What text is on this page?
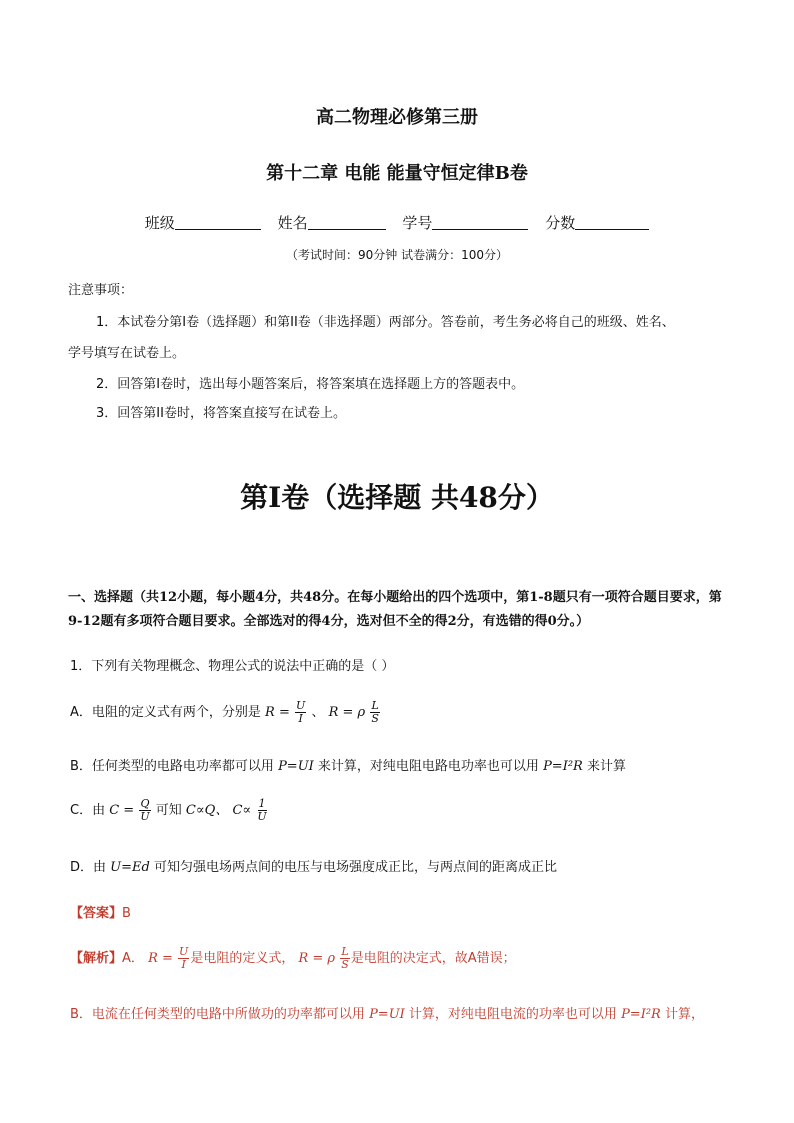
高二物理必修第三册
第十二章 电能 能量守恒定律B卷
班级	姓名	学号	分数
（考试时间：90分钟 试卷满分：100分）
注意事项：
1．本试卷分第I卷（选择题）和第II卷（非选择题）两部分。答卷前，考生务必将自己的班级、姓名、
学号填写在试卷上。
2．回答第I卷时，选出每小题答案后，将答案填在选择题上方的答题表中。
3．回答第II卷时，将答案直接写在试卷上。
第I卷（选择题 共48分）
一、选择题（共12小题，每小题4分，共48分。在每小题给出的四个选项中，第1-8题只有一项符合题目要求，第9-12题有多项符合题目要求。全部选对的得4分，选对但不全的得2分，有选错的得0分。）
1．下列有关物理概念、物理公式的说法中正确的是（ ）
A．电阻的定义式有两个，分别是 $R = \frac{U}{I}$ 、 R = ρ $\frac{L}{S}$
B．任何类型的电路电功率都可以用 P=UI 来计算，对纯电阻电路电功率也可以用 P=I²R 来计算
C．由 $C = \frac{Q}{U}$ 可知 C∝Q、 $C\propto \frac{1}{U}$
D．由 U=Ed 可知匀强电场两点间的电压与电场强度成正比，与两点间的距离成正比
【答案】B
【解析】A． $R = \frac{U}{I}$ 是电阻的定义式， R = ρ $\frac{L}{S}$ 是电阻的决定式，故A错误；
B．电流在任何类型的电路中所做功的功率都可以用 P=UI 计算，对纯电阻电流的功率也可以用 P=I²R 计算，
